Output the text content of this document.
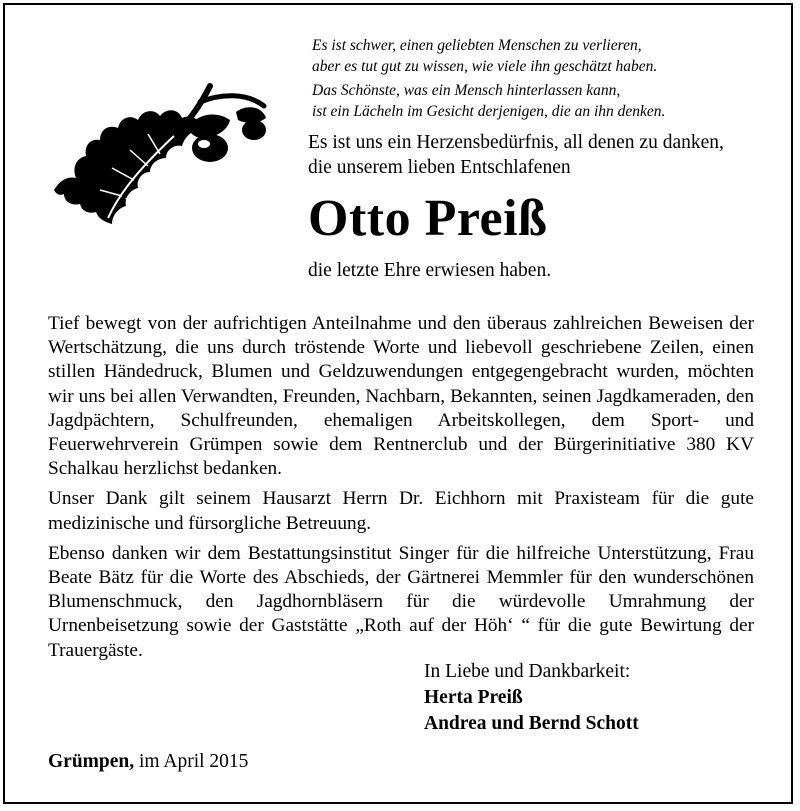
Es ist schwer, einen geliebten Menschen zu verlieren,
aber es tut gut zu wissen, wie viele ihn geschätzt haben.

Das Schönste, was ein Mensch hinterlassen kann,
ist ein Lächeln im Gesicht derjenigen, die an ihn denken.

Es ist uns ein Herzensbedürfnis, all denen zu danken,
die unserem lieben Entschlafenen
Otto Preiß
die letzte Ehre erwiesen haben.

Tief bewegt von der aufrichtigen Anteilnahme und den überaus zahlreichen Beweisen der Wertschätzung, die uns durch tröstende Worte und liebevoll geschriebene Zeilen, einen stillen Händedruck, Blumen und Geldzuwendungen entgegengebracht wurden, möchten wir uns bei allen Verwandten, Freunden, Nachbarn, Bekannten, seinen Jagdkameraden, den Jagdpächtern, Schulfreunden, ehemaligen Arbeitskollegen, dem Sport- und Feuerwehrverein Grümpen sowie dem Rentnerclub und der Bürgerinitiative 380 KV Schalkau herzlichst bedanken.

Unser Dank gilt seinem Hausarzt Herrn Dr. Eichhorn mit Praxisteam für die gute medizinische und fürsorgliche Betreuung.

Ebenso danken wir dem Bestattungsinstitut Singer für die hilfreiche Unterstützung, Frau Beate Bätz für die Worte des Abschieds, der Gärtnerei Memmler für den wunderschönen Blumenschmuck, den Jagdhornbläsern für die würdevolle Umrahmung der Urnenbeisetzung sowie der Gaststätte „Roth auf der Höh‘ “ für die gute Bewirtung der Trauergäste.

In Liebe und Dankbarkeit:
Herta Preiß
Andrea und Bernd Schott
Grümpen, im April 2015
